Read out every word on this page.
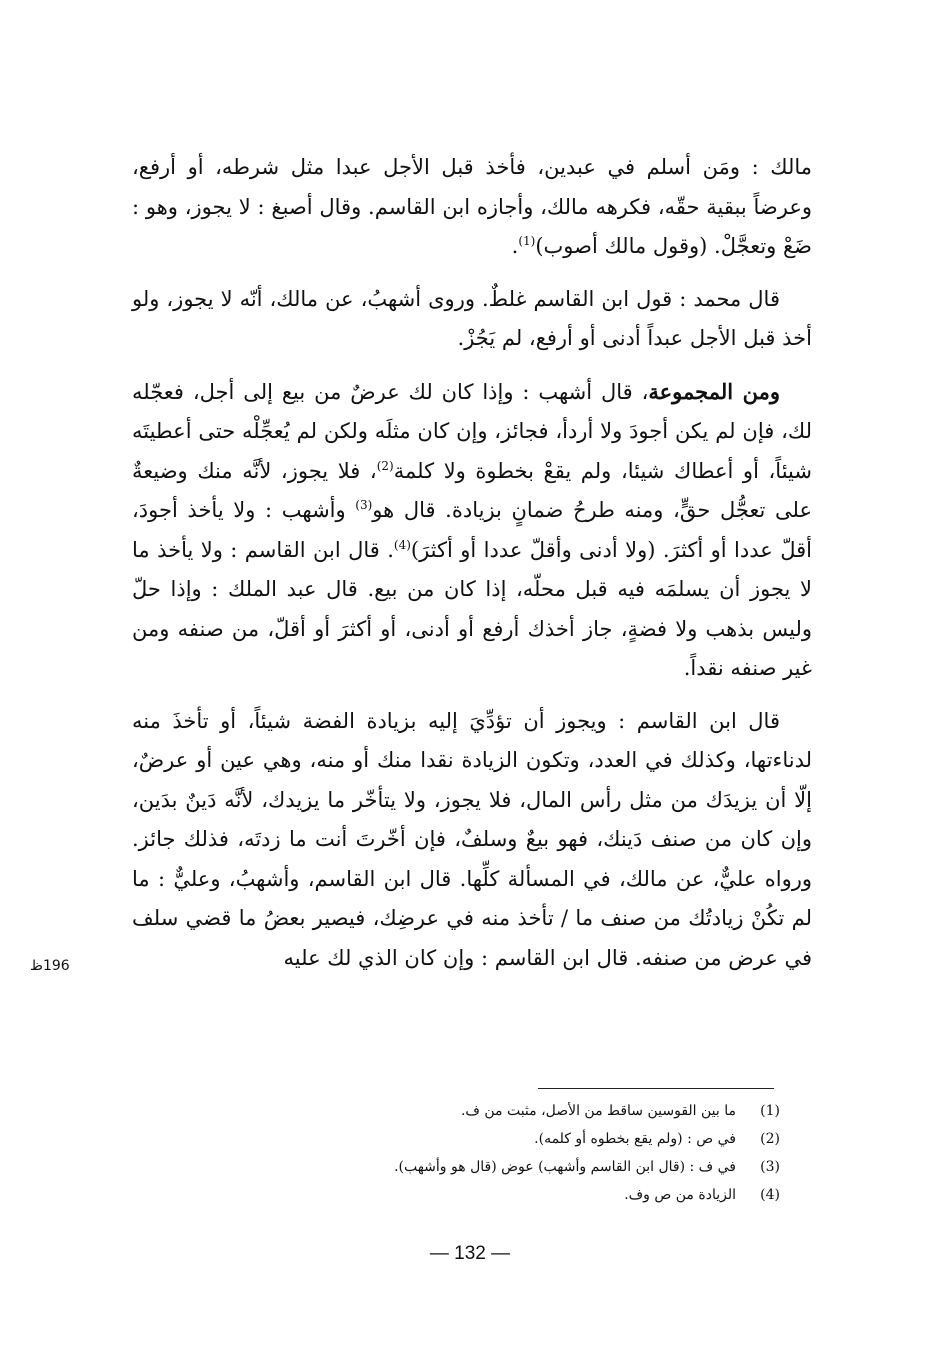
مالك : ومَن أسلم في عبدين، فأخذ قبل الأجل عبدا مثل شرطه، أو أرفع، وعرضاً ببقية حقّه، فكرهه مالك، وأجازه ابن القاسم. وقال أصبغ : لا يجوز، وهو : ضَعْ وتعجَّلْ. (وقول مالك أصوب)$^{(1)}$.

قال محمد : قول ابن القاسم غلطٌ. وروى أشهبُ، عن مالك، أنّه لا يجوز، ولو أخذ قبل الأجل عبداً أدنى أو أرفع، لم يَجُزْ.

ومن المجموعة، قال أشهب : وإذا كان لك عرضٌ من بيع إلى أجل، فعجّله لك، فإن لم يكن أجودَ ولا أردأ، فجائز، وإن كان مثلَه ولكن لم يُعجِّلْه حتى أعطيتَه شيئاً، أو أعطاك شيئا، ولم يقعْ بخطوة ولا كلمة$^{(2)}$، فلا يجوز، لأنَّه منك وضيعةٌ على تعجُّل حقٍّ، ومنه طرحُ ضمانٍ بزيادة. قال هو$^{(3)}$ وأشهب : ولا يأخذ أجودَ، أقلّ عددا أو أكثرَ. (ولا أدنى وأقلّ عددا أو أكثرَ)$^{(4)}$. قال ابن القاسم : ولا يأخذ ما لا يجوز أن يسلمَه فيه قبل محلّه، إذا كان من بيع. قال عبد الملك : وإذا حلّ وليس بذهب ولا فضةٍ، جاز أخذك أرفع أو أدنى، أو أكثرَ أو أقلّ، من صنفه ومن غير صنفه نقداً.

قال ابن القاسم : ويجوز أن تؤدِّيَ إليه بزيادة الفضة شيئاً، أو تأخذَ منه لدناءتها، وكذلك في العدد، وتكون الزيادة نقدا منك أو منه، وهي عين أو عرضٌ، إلّا أن يزيدَك من مثل رأس المال، فلا يجوز، ولا يتأخّر ما يزيدك، لأنَّه دَينٌ بدَين، وإن كان من صنف دَينك، فهو بيعٌ وسلفٌ، فإن أخّرتَ أنت ما زدتَه، فذلك جائز. ورواه عليٌّ، عن مالك، في المسألة كلِّها. قال ابن القاسم، وأشهبُ، وعليٌّ : ما لم تكُنْ زيادتُك من صنف ما / تأخذ منه في عرضِك، فيصير بعضُ ما قضي سلف في عرض من صنفه. قال ابن القاسم : وإن كان الذي لك عليه

196ظ
(1)
ما بين القوسين ساقط من الأصل، مثبت من ف.
(2)
في ص : (ولم يقع بخطوه أو كلمه).
(3)
في ف : (قال ابن القاسم وأشهب) عوض (قال هو وأشهب).
(4)
الزيادة من ص وف.
— 132 —
